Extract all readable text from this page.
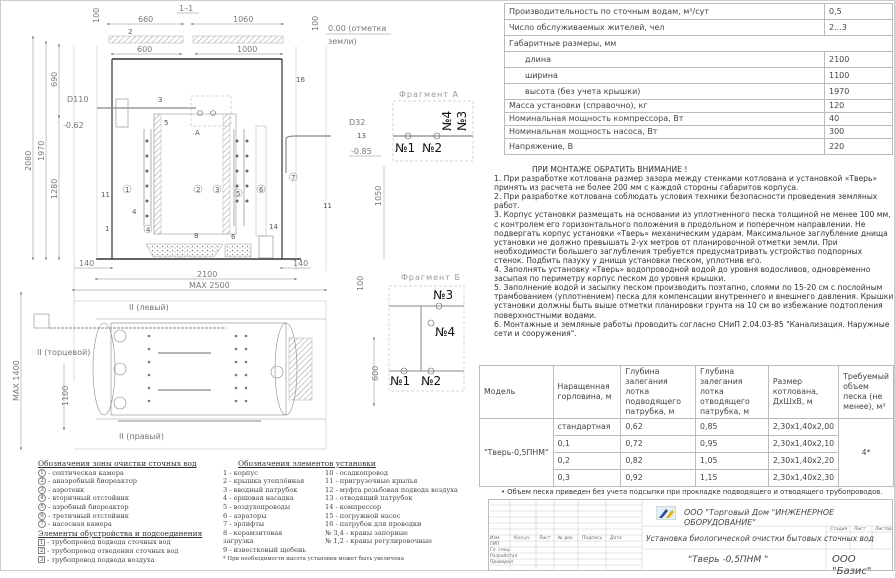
1–1
660	1060
600	1000
100
100 0.00 (отметка
земли)
А
2080 1970
690
1280
-0.62
D110
D32
-0.85
140	140
2100
MAX 2500
1050
100
1	2 3
4
5	6
7
1
2
3
4
5
6
8
11
11
13
14
16
MAX 1400	1100
600
II (левый)
II (торцевой)
II (правый)
Фрагмент А
№1 №2
№4 №3
Фрагмент Б
№3
№4
№1 №2
Производительность по сточным водам, м³/сут	0,5
Число обслуживаемых жителей, чел	2...3
Габаритные размеры, мм	
длина	2100
ширина	1100
высота (без учета крышки)	1970
Масса установки (справочно), кг	120
Номинальная мощность компрессора, Вт	40
Номинальная мощность насоса, Вт	300
Напряжение, В	220

ПРИ МОНТАЖЕ ОБРАТИТЬ ВНИМАНИЕ !

1. При разработке котлована размер зазора между стенками котлована и установкой «Тверь» принять из расчета не более 200 мм с каждой стороны габаритов корпуса.

2. При разработке котлована соблюдать условия техники безопасности проведения земляных работ.

3. Корпус установки размещать на основании из уплотненного песка толщиной не менее 100 мм, с контролем его горизонтального положения в продольном и поперечном направлении. Не подвергать корпус установки «Тверь» механическим ударам. Максимальное заглубление днища установки не должно превышать 2-ух метров от планировочной отметки земли. При необходимости большего заглубления требуется предусматривать устройство подпорных стенок. Подбить пазуху у днища установки песком, уплотнив его.

4. Заполнять установку «Тверь» водопроводной водой до уровня водосливов, одновременно засыпая по периметру корпус песком до уровня крышки.

5. Заполнение водой и засыпку песком производить поэтапно, слоями по 15-20 см с послойным трамбованием (уплотнением) песка для компенсации внутреннего и внешнего давления. Крышки установки должны быть выше отметки планировки грунта на 10 см во избежание подтопления поверхностными водами.

6. Монтажные и земляные работы проводить согласно СНиП 2.04.03-85 "Канализация. Наружные сети и сооружения".

Модель	Наращенная горловина, м	Глубина залегания лотка подводящего патрубка, м	Глубина залегания лотка отводящего патрубка, м	Размер котлована, ДхШхВ, м	Требуемый объем песка (не менее), м³
"Тверь-0,5ПНМ"	стандартная	0,62	0,85	2,30x1,40x2,00	4*
	0,1	0,72	0,95	2,30x1,40x2,10	
	0,2	0,82	1,05	2,30x1,40x2,20	
	0,3	0,92	1,15	2,30x1,40x2,30	
• Объем песка приведен без учета подсыпки при прокладке подводящего и отводящего трубопроводов.
Изм.	Кол.уч. Лист № док. Подпись Дата
ГИП
Гл. спец.
Разработал
Проверил
Стадия Лист Листов
ООО "Торговый Дом "ИНЖЕНЕРНОЕ ОБОРУДОВАНИЕ"
Установка биологической очистки бытовых сточных вод
"Тверь -0,5ПНМ "	ООО "Базис"
Обозначения зоны очистки сточных вод
1 - септическая камера
2 - анаэробный биореактор
3 - аэротенк
4 - вторичный отстойник
5 - аэробный биореактор
6 - третичный отстойник
7 - насосная камера
Элементы обустройства и подсоединения
1 - трубопровод подвода сточных вод
2 - трубопровод отведения сточных вод
3 - трубопровод подвода воздуха
Обозначения элементов установки
1 - корпус
2 - крышка утеплённая
3 - вводный патрубок
4 - ершовая насадка
5 - воздухопроводы
6 - аэраторы
7 - эрлифты
8 - керамзитовая загрузка
9 - известковый щебень
10 - осадкопровод
11 - пригрузочные крылья
12 - муфта резьбовая подвода воздуха
13 - отводящий патрубок
14 - компрессор
15 - погружной насос
16 - патрубок для проводки
№ 3,4 - краны запорные
№ 1,2 - краны регулировочные
* При необходимости высота установки может быть увеличена
